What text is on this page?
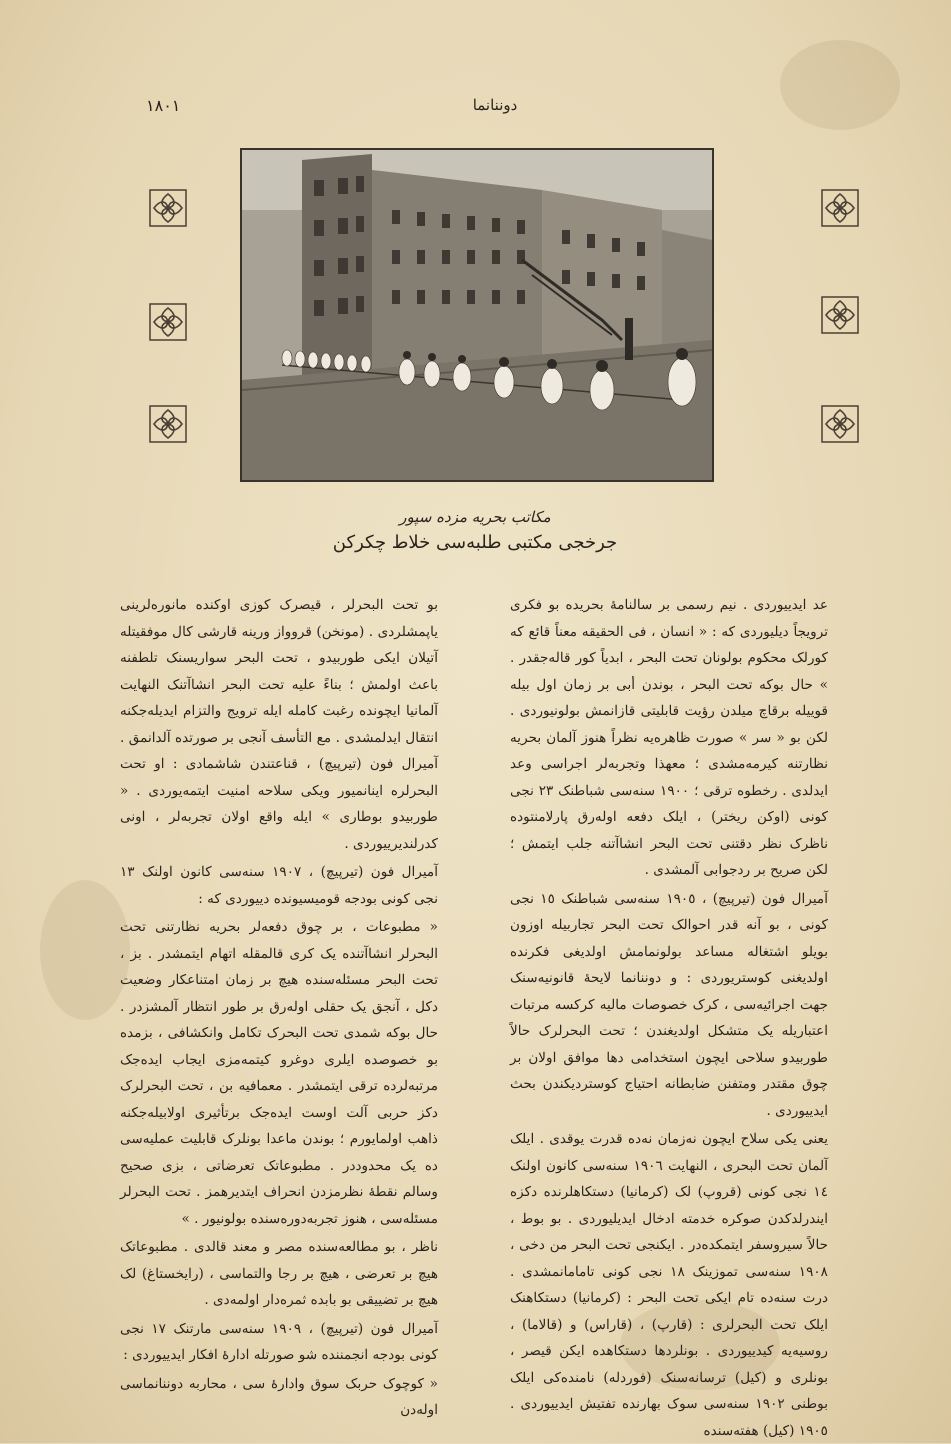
١٨٠١	دوننانما
مکاتب بحریه مزده سپور
جرخجی مکتبی طلبه‌سی خلاط چکرکن

عد ایدییوردی . نیم رسمی بر سالنامهٔ بحریده بو فکری ترویجاً دیلیوردی که : « انسان ، فی الحقیقه معناً قائع که کورلک محکوم بولونان تحت البحر ، ابدیاً کور قاله‌جقدر . » حال بوکه تحت البحر ، بوندن أبی بر زمان اول بیله قوییله برقاچ میلدن رؤیت قابلیتی قازانمش بولونیوردی . لکن بو « سر » صورت ظاهره‌یه نظراً هنوز آلمان بحریه نظارتنه کیرمه‌مشدی ؛ معهذا وتجربه‌لر اجراسی وعد ایدلدی . رخطوه ترقی ؛ ١٩٠٠ سنه‌سی شباطنک ٢٣ نجی کونی (اوکن ریختر) ، ایلک دفعه اوله‌رق پارلامنتوده ناظرک نظر دقتنی تحت البحر انشاآتنه جلب ایتمش ؛ لکن صریح بر ردجوابی آلمشدی .

آمیرال فون (تیرپیچ) ، ١٩٠٥ سنه‌سی شباطنک ١٥ نجی کونی ، بو آنه قدر احوالک تحت البحر تجاربیله اوزون بویلو اشتغاله مساعد بولونمامش اولدیغی فکرنده اولدیغنی کوستریوردی : و دوننانما لایحهٔ قانونیه‌سنک جهت اجرائیه‌سی ، کرک خصوصات مالیه کرکسه مرتبات اعتباریله یک متشکل اولدیغندن ؛ تحت البحرلرک حالاً طوربیدو سلاحی ایچون استخدامی دها موافق اولان بر چوق مقتدر ومتفنن ضابطانه احتیاج کوستردیکندن بحث ایدییوردی .

یعنی یکی سلاح ایچون نه‌زمان نه‌ده قدرت یوقدی . ایلک آلمان تحت البحری ، النهایت ١٩٠٦ سنه‌سی کانون اولنک ١٤ نجی کونی (قروپ) لک (کرمانیا) دستکاهلرنده دکزه ایندرلدکدن صوکره خدمته ادخال ایدیلیوردی . بو بوط ، حالاً سیروسفر ایتمکده‌در . ایکنجی تحت البحر من دخی ، ١٩٠٨ سنه‌سی تموزینک ١٨ نجی کونی تامامانمشدی . درت سنه‌ده تام ایکی تحت البحر : (کرمانیا) دستکاهنک ایلک تحت البحرلری : (قارپ) ، (قاراس) و (قالاما) ، روسیه‌یه کیدییوردی . بونلردها دستکاهده ایکن قیصر ، بونلری و (کیل) ترسانه‌سنک (فوردله) نامنده‌کی ایلک بوطنی ١٩٠٢ سنه‌سی سوک بهارنده تفتیش ایدییوردی . ١٩٠٥ (کیل) هفته‌سنده

بو تحت البحرلر ، قیصرک کوزی اوکنده مانوره‌لرینی یاپمشلردی . (مونخن) قروواز ورینه قارشی کال موفقیتله آتیلان ایکی طوربیدو ، تحت البحر سواریسنک تلطفنه باعث اولمش ؛ بناءً علیه تحت البحر انشاآتنک النهایت آلمانیا ایچونده رغبت کامله ایله ترویج والتزام ایدیله‌جکنه انتقال ایدلمشدی . مع التأسف آنجی بر صورتده آلدانمق . آمیرال فون (تیرپیچ) ، قناعتندن شاشمادی : او تحت البحرلره اینانمیور ویکی سلاحه امنیت ایتمه‌یوردی . « طوربیدو بوطاری » ایله واقع اولان تجربه‌لر ، اونی کدرلندیرییوردی .

آمیرال فون (تیرپیچ) ، ١٩٠٧ سنه‌سی کانون اولنک ١٣ نجی کونی بودجه قومیسیونده دییوردی که :

« مطبوعات ، بر چوق دفعه‌لر بحریه نظارتنی تحت البحرلر انشاآتنده یک کری قالمقله اتهام ایتمشدر . بز ، تحت البحر مسئله‌سنده هیچ بر زمان امتناعکار وضعیت دکل ، آنجق یک حقلی اوله‌رق بر طور انتظار آلمشزدر . حال بوکه شمدی تحت البحرک تکامل وانکشافی ، بزمده بو خصوصده ایلری دوغرو کیتمه‌مزی ایجاب ایده‌جک مرتبه‌لرده ترقی ایتمشدر . معمافیه بن ، تحت البحرلرک دکز حربی آلت اوست ایده‌جک برتأثیری اولابیله‌جکنه ذاهب اولمایورم ؛ بوندن ماعدا بونلرک قابلیت عملیه‌سی ده یک محدوددر . مطبوعاتک تعرضاتی ، بزی صحیح وسالم نقطهٔ نظرمزدن انحراف ایتدیرهمز . تحت البحرلر مسئله‌سی ، هنوز تجربه‌دوره‌سنده بولونیور . »

ناظر ، بو مطالعه‌سنده مصر و معند قالدی . مطبوعاتک هیچ بر تعرضی ، هیچ بر رجا والتماسی ، (رایخستاغ) لک هیچ بر تضییقی بو بابده ثمره‌دار اولمه‌دی .

آمیرال فون (تیرپیچ) ، ١٩٠٩ سنه‌سی مارتنک ١٧ نجی کونی بودجه انجمننده شو صورتله ادارهٔ افکار ایدییوردی :

« کوچوک حربک سوق وادارهٔ سی ، محاربه دوننانماسی اوله‌دن
